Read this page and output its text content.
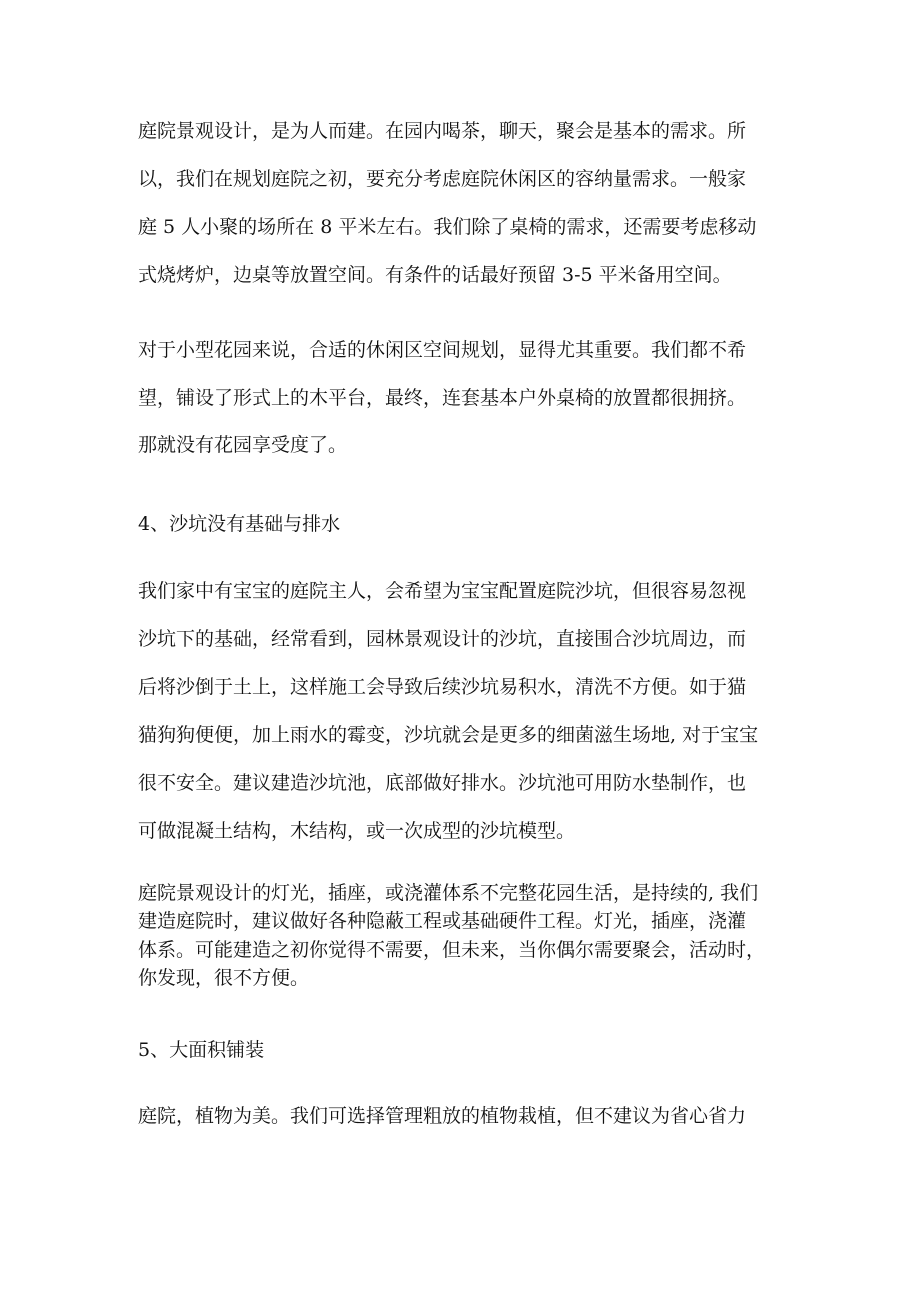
庭院景观设计，是为人而建。在园内喝茶，聊天，聚会是基本的需求。所
以，我们在规划庭院之初，要充分考虑庭院休闲区的容纳量需求。一般家
庭 5 人小聚的场所在 8 平米左右。我们除了桌椅的需求，还需要考虑移动
式烧烤炉，边桌等放置空间。有条件的话最好预留 3-5 平米备用空间。
对于小型花园来说，合适的休闲区空间规划，显得尤其重要。我们都不希
望，铺设了形式上的木平台，最终，连套基本户外桌椅的放置都很拥挤。
那就没有花园享受度了。
4、沙坑没有基础与排水
我们家中有宝宝的庭院主人，会希望为宝宝配置庭院沙坑，但很容易忽视
沙坑下的基础，经常看到，园林景观设计的沙坑，直接围合沙坑周边，而
后将沙倒于土上，这样施工会导致后续沙坑易积水，清洗不方便。如于猫
猫狗狗便便，加上雨水的霉变，沙坑就会是更多的细菌滋生场地, 对于宝宝
很不安全。建议建造沙坑池，底部做好排水。沙坑池可用防水垫制作，也
可做混凝土结构，木结构，或一次成型的沙坑模型。
庭院景观设计的灯光，插座，或浇灌体系不完整花园生活，是持续的, 我们
建造庭院时，建议做好各种隐蔽工程或基础硬件工程。灯光，插座，浇灌
体系。可能建造之初你觉得不需要，但未来，当你偶尔需要聚会，活动时，
你发现，很不方便。
5、大面积铺装
庭院，植物为美。我们可选择管理粗放的植物栽植，但不建议为省心省力
